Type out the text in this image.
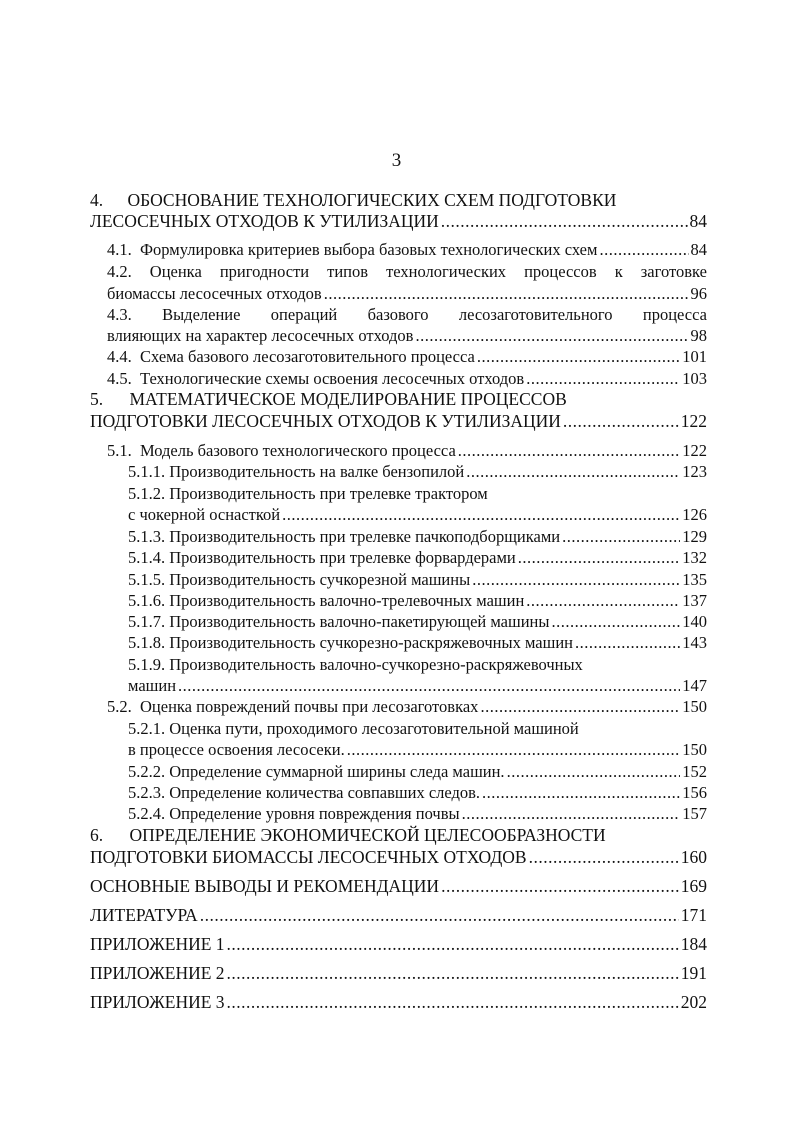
3
4. ОБОСНОВАНИЕ ТЕХНОЛОГИЧЕСКИХ СХЕМ ПОДГОТОВКИ
ЛЕСОСЕЧНЫХ ОТХОДОВ К УТИЛИЗАЦИИ .....	84
4.1. Формулировка критериев выбора базовых технологических схем .....	84
4.2. Оценка пригодности типов технологических процессов к заготовке
биомассы лесосечных отходов .....	96
4.3. Выделение операций базового лесозаготовительного процесса
влияющих на характер лесосечных отходов .....	98
4.4. Схема базового лесозаготовительного процесса .....	101
4.5. Технологические схемы освоения лесосечных отходов .....	103
5. МАТЕМАТИЧЕСКОЕ МОДЕЛИРОВАНИЕ ПРОЦЕССОВ
ПОДГОТОВКИ ЛЕСОСЕЧНЫХ ОТХОДОВ К УТИЛИЗАЦИИ .....	122
5.1. Модель базового технологического процесса .....	122
5.1.1. Производительность на валке бензопилой .....	123
5.1.2. Производительность при трелевке трактором
с чокерной оснасткой .....	126
5.1.3. Производительность при трелевке пачкоподборщиками .....	129
5.1.4. Производительность при трелевке форвардерами .....	132
5.1.5. Производительность сучкорезной машины .....	135
5.1.6. Производительность валочно-трелевочных машин .....	137
5.1.7. Производительность валочно-пакетирующей машины .....	140
5.1.8. Производительность сучкорезно-раскряжевочных машин .....	143
5.1.9. Производительность валочно-сучкорезно-раскряжевочных
машин .....	147
5.2. Оценка повреждений почвы при лесозаготовках .....	150
5.2.1. Оценка пути, проходимого лесозаготовительной машиной
в процессе освоения лесосеки. .....	150
5.2.2. Определение суммарной ширины следа машин. .....	152
5.2.3. Определение количества совпавших следов. .....	156
5.2.4. Определение уровня повреждения почвы .....	157
6. ОПРЕДЕЛЕНИЕ ЭКОНОМИЧЕСКОЙ ЦЕЛЕСООБРАЗНОСТИ
ПОДГОТОВКИ БИОМАССЫ ЛЕСОСЕЧНЫХ ОТХОДОВ .....	160
ОСНОВНЫЕ ВЫВОДЫ И РЕКОМЕНДАЦИИ .....	169
ЛИТЕРАТУРА .....	171
ПРИЛОЖЕНИЕ 1 .....	184
ПРИЛОЖЕНИЕ 2 .....	191
ПРИЛОЖЕНИЕ 3 .....	202
